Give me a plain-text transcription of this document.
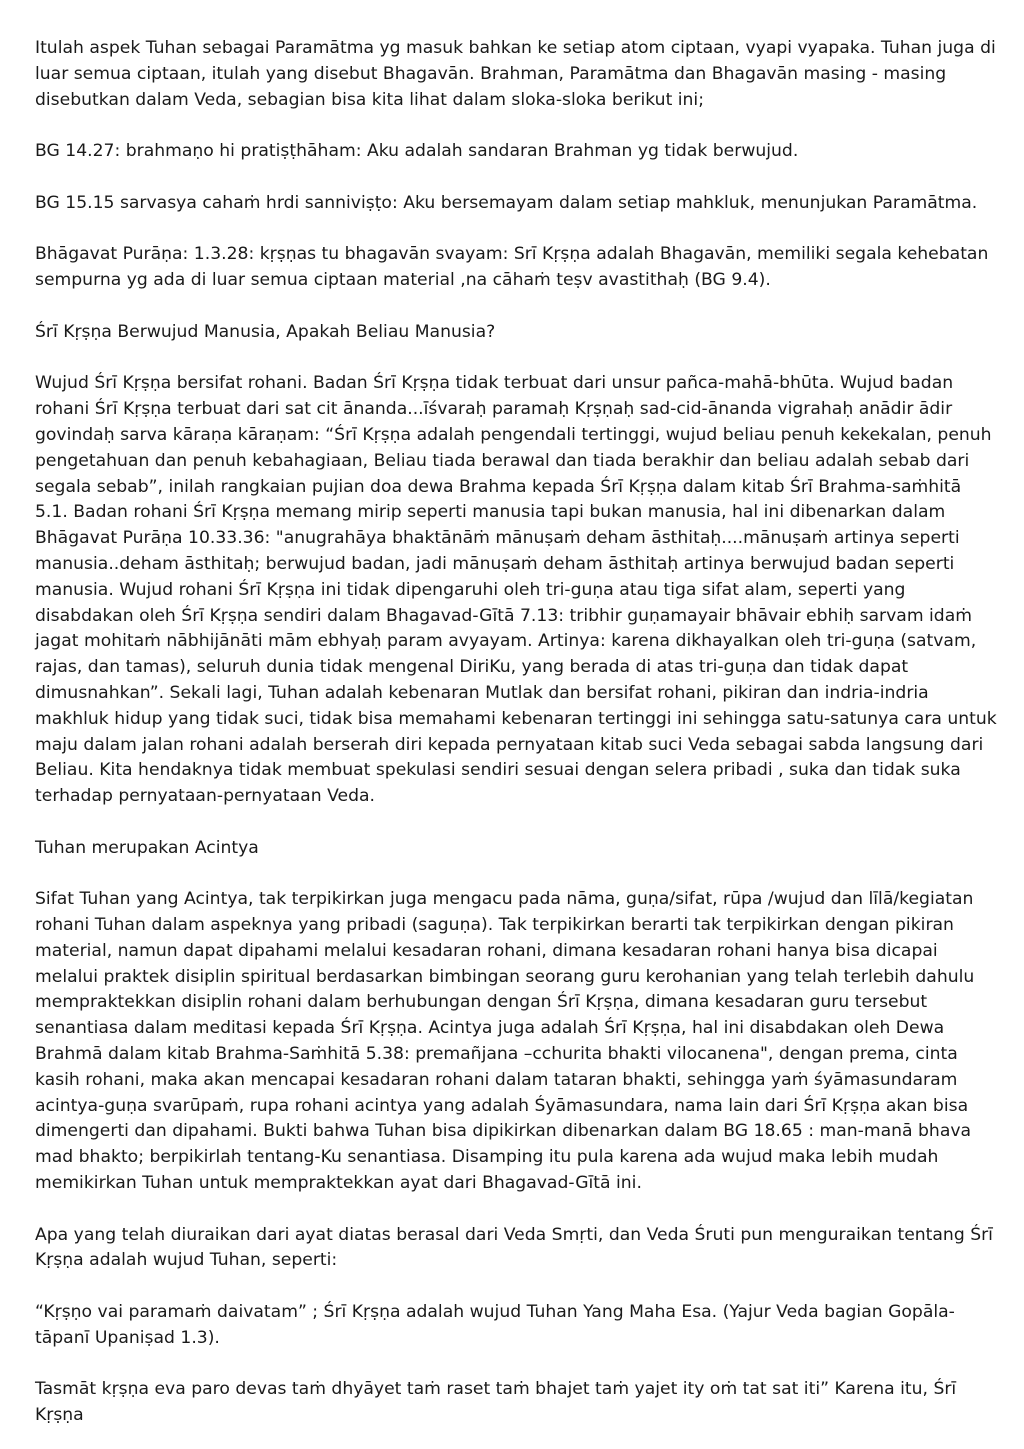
Itulah aspek Tuhan sebagai Paramātma yg masuk bahkan ke setiap atom ciptaan, vyapi vyapaka. Tuhan juga di luar semua ciptaan, itulah yang disebut Bhagavān. Brahman, Paramātma dan Bhagavān masing - masing disebutkan dalam Veda, sebagian bisa kita lihat dalam sloka-sloka berikut ini;

BG 14.27: brahmaṇo hi pratiṣṭhāham: Aku adalah sandaran Brahman yg tidak berwujud.

BG 15.15 sarvasya cahaṁ hrdi sanniviṣṭo: Aku bersemayam dalam setiap mahkluk, menunjukan Paramātma.

Bhāgavat Purāṇa: 1.3.28: kṛṣṇas tu bhagavān svayam: Srī Kṛṣṇa adalah Bhagavān, memiliki segala kehebatan sempurna yg ada di luar semua ciptaan material ,na cāhaṁ teṣv avastithaḥ (BG 9.4).

Śrī Kṛṣṇa Berwujud Manusia, Apakah Beliau Manusia?

Wujud Śrī Kṛṣṇa bersifat rohani. Badan Śrī Kṛṣṇa tidak terbuat dari unsur pañca-mahā-bhūta. Wujud badan rohani Śrī Kṛṣṇa terbuat dari sat cit ānanda...īśvaraḥ paramaḥ Kṛṣṇaḥ sad-cid-ānanda vigrahaḥ anādir ādir govindaḥ sarva kāraṇa kāraṇam: “Śrī Kṛṣṇa adalah pengendali tertinggi, wujud beliau penuh kekekalan, penuh pengetahuan dan penuh kebahagiaan, Beliau tiada berawal dan tiada berakhir dan beliau adalah sebab dari segala sebab”, inilah rangkaian pujian doa dewa Brahma kepada Śrī Kṛṣṇa dalam kitab Śrī Brahma-saṁhitā 5.1. Badan rohani Śrī Kṛṣṇa memang mirip seperti manusia tapi bukan manusia, hal ini dibenarkan dalam Bhāgavat Purāṇa 10.33.36: "anugrahāya bhaktānāṁ mānuṣaṁ deham āsthitaḥ....mānuṣaṁ artinya seperti manusia..deham āsthitaḥ; berwujud badan, jadi mānuṣaṁ deham āsthitaḥ artinya berwujud badan seperti manusia. Wujud rohani Śrī Kṛṣṇa ini tidak dipengaruhi oleh tri-guṇa atau tiga sifat alam, seperti yang disabdakan oleh Śrī Kṛṣṇa sendiri dalam Bhagavad-Gītā 7.13: tribhir guṇamayair bhāvair ebhiḥ sarvam idaṁ jagat mohitaṁ nābhijānāti mām ebhyaḥ param avyayam. Artinya: karena dikhayalkan oleh tri-guṇa (satvam, rajas, dan tamas), seluruh dunia tidak mengenal DiriKu, yang berada di atas tri-guṇa dan tidak dapat dimusnahkan”. Sekali lagi, Tuhan adalah kebenaran Mutlak dan bersifat rohani, pikiran dan indria-indria makhluk hidup yang tidak suci, tidak bisa memahami kebenaran tertinggi ini sehingga satu-satunya cara untuk maju dalam jalan rohani adalah berserah diri kepada pernyataan kitab suci Veda sebagai sabda langsung dari Beliau. Kita hendaknya tidak membuat spekulasi sendiri sesuai dengan selera pribadi , suka dan tidak suka terhadap pernyataan-pernyataan Veda.

Tuhan merupakan Acintya

Sifat Tuhan yang Acintya, tak terpikirkan juga mengacu pada nāma, guṇa/sifat, rūpa /wujud dan līlā/kegiatan rohani Tuhan dalam aspeknya yang pribadi (saguṇa). Tak terpikirkan berarti tak terpikirkan dengan pikiran material, namun dapat dipahami melalui kesadaran rohani, dimana kesadaran rohani hanya bisa dicapai melalui praktek disiplin spiritual berdasarkan bimbingan seorang guru kerohanian yang telah terlebih dahulu mempraktekkan disiplin rohani dalam berhubungan dengan Śrī Kṛṣṇa, dimana kesadaran guru tersebut senantiasa dalam meditasi kepada Śrī Kṛṣṇa. Acintya juga adalah Śrī Kṛṣṇa, hal ini disabdakan oleh Dewa Brahmā dalam kitab Brahma-Saṁhitā 5.38: premañjana –cchurita bhakti vilocanena", dengan prema, cinta kasih rohani, maka akan mencapai kesadaran rohani dalam tataran bhakti, sehingga yaṁ śyāmasundaram acintya-guṇa svarūpaṁ, rupa rohani acintya yang adalah Śyāmasundara, nama lain dari Śrī Kṛṣṇa akan bisa dimengerti dan dipahami. Bukti bahwa Tuhan bisa dipikirkan dibenarkan dalam BG 18.65 : man-manā bhava mad bhakto; berpikirlah tentang-Ku senantiasa. Disamping itu pula karena ada wujud maka lebih mudah memikirkan Tuhan untuk mempraktekkan ayat dari Bhagavad-Gītā ini.

Apa yang telah diuraikan dari ayat diatas berasal dari Veda Smṛti, dan Veda Śruti pun menguraikan tentang Śrī Kṛṣṇa adalah wujud Tuhan, seperti:

“Kṛṣṇo vai paramaṁ daivatam” ; Śrī Kṛṣṇa adalah wujud Tuhan Yang Maha Esa. (Yajur Veda bagian Gopāla-tāpanī Upaniṣad 1.3).

Tasmāt kṛṣṇa eva paro devas taṁ dhyāyet taṁ raset taṁ bhajet taṁ yajet ity oṁ tat sat iti” Karena itu, Śrī Kṛṣṇa
